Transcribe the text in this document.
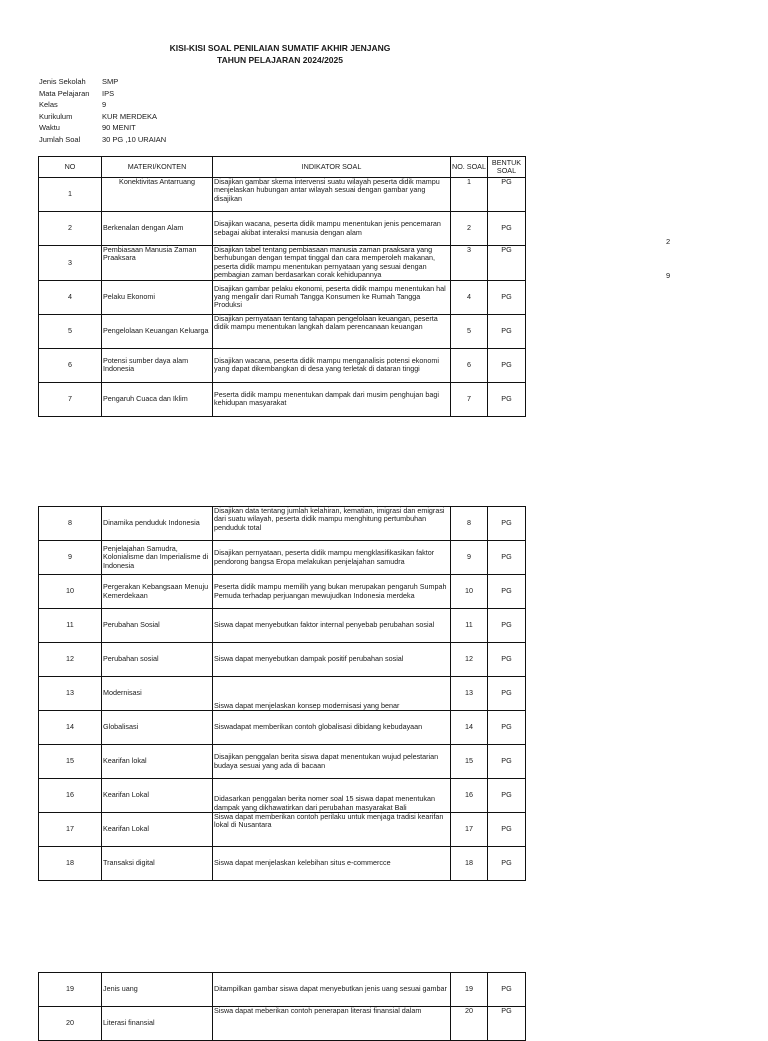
KISI-KISI SOAL PENILAIAN SUMATIF AKHIR JENJANG
TAHUN PELAJARAN 2024/2025
Jenis Sekolah	SMP
Mata Pelajaran	IPS
Kelas	9
Kurikulum	KUR MERDEKA
Waktu	90 MENIT
Jumlah Soal	30 PG ,10 URAIAN
NO	MATERI/KONTEN	INDIKATOR SOAL	NO. SOAL	BENTUK SOAL
1	Konektivitas Antarruang	Disajikan gambar skema intervensi suatu wilayah peserta didik mampu menjelaskan hubungan antar wilayah sesuai dengan gambar yang disajikan	1	PG
2	Berkenalan dengan Alam	Disajikan wacana, peserta didik mampu menentukan jenis pencemaran sebagai akibat interaksi manusia dengan alam	2	PG
3	Pembiasaan Manusia Zaman Praaksara	Disajikan tabel tentang pembiasaan manusia zaman praaksara yang berhubungan dengan tempat tinggal dan cara memperoleh makanan, peserta didik mampu menentukan pernyataan yang sesuai dengan pembagian zaman berdasarkan corak kehidupannya	3	PG
4	Pelaku Ekonomi	Disajikan gambar pelaku ekonomi, peserta didik mampu menentukan hal yang mengalir dari Rumah Tangga Konsumen ke Rumah Tangga Produksi	4	PG
5	Pengelolaan Keuangan Keluarga	Disajikan pernyataan tentang tahapan pengelolaan keuangan, peserta didik mampu menentukan langkah dalam perencanaan keuangan	5	PG
6	Potensi sumber daya alam Indonesia	Disajikan wacana, peserta didik mampu menganalisis potensi ekonomi yang dapat dikembangkan di desa yang terletak di dataran tinggi	6	PG
7	Pengaruh Cuaca dan Iklim	Peserta didik mampu menentukan dampak dari musim penghujan bagi kehidupan masyarakat	7	PG
8	Dinamika penduduk Indonesia	Disajikan data tentang jumlah kelahiran, kematian, imigrasi dan emigrasi dari suatu wilayah, peserta didik mampu menghitung pertumbuhan penduduk total	8	PG
9	Penjelajahan Samudra, Kolonialisme dan Imperialisme di Indonesia	Disajikan pernyataan, peserta didik mampu mengklasifikasikan faktor pendorong bangsa Eropa melakukan penjelajahan samudra	9	PG
10	Pergerakan Kebangsaan Menuju Kemerdekaan	Peserta didik mampu memilih yang bukan merupakan pengaruh Sumpah Pemuda terhadap perjuangan mewujudkan Indonesia merdeka	10	PG
11	Perubahan Sosial	Siswa dapat menyebutkan faktor internal penyebab perubahan sosial	11	PG
12	Perubahan sosial	Siswa dapat menyebutkan dampak positif perubahan sosial	12	PG
13	Modernisasi	Siswa dapat menjelaskan konsep modernisasi yang benar	13	PG
14	Globalisasi	Siswadapat memberikan contoh globalisasi dibidang kebudayaan	14	PG
15	Kearifan lokal	Disajikan penggalan berita siswa dapat menentukan wujud pelestarian budaya sesuai yang ada di bacaan	15	PG
16	Kearifan Lokal	Didasarkan penggalan berita nomer soal 15 siswa dapat menentukan dampak yang dikhawatirkan dari perubahan masyarakat Bali	16	PG
17	Kearifan Lokal	Siswa dapat memberikan contoh perilaku untuk menjaga tradisi kearifan lokal di Nusantara	17	PG
18	Transaksi digital	Siswa dapat menjelaskan kelebihan situs e-commercce	18	PG
19	Jenis uang	Ditampilkan gambar siswa dapat menyebutkan jenis uang sesuai gambar	19	PG
20	Literasi finansial	Siswa dapat meberikan contoh penerapan literasi finansial dalam	20	PG
2
9
